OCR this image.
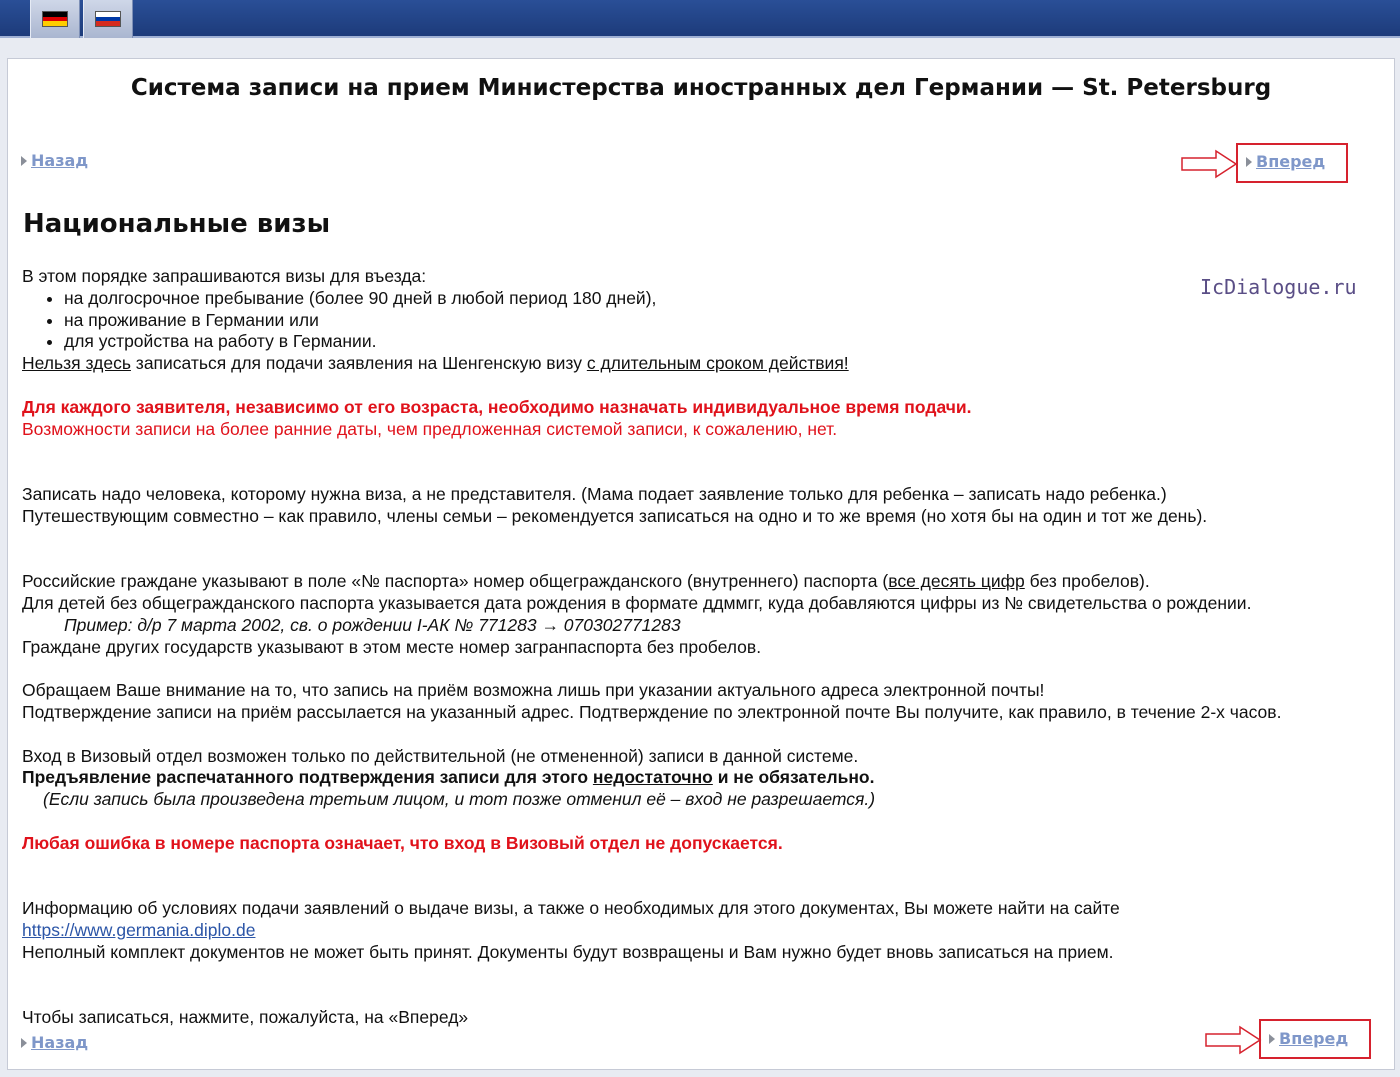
Система записи на прием Министерства иностранных дел Германии — St. Petersburg
Назад	Вперед
Национальные визы
IcDialogue.ru

В этом порядке запрашиваются визы для въезда:

• на долгосрочное пребывание (более 90 дней в любой период 180 дней),
• на проживание в Германии или
• для устройства на работу в Германии.

Нельзя здесь записаться для подачи заявления на Шенгенскую визу с длительным сроком действия!

Для каждого заявителя, независимо от его возраста, необходимо назначать индивидуальное время подачи.

Возможности записи на более ранние даты, чем предложенная системой записи, к сожалению, нет.

Записать надо человека, которому нужна виза, а не представителя. (Мама подает заявление только для ребенка – записать надо ребенка.)

Путешествующим совместно – как правило, члены семьи – рекомендуется записаться на одно и то же время (но хотя бы на один и тот же день).

Российские граждане указывают в поле «№ паспорта» номер общегражданского (внутреннего) паспорта (все десять цифр без пробелов).

Для детей без общегражданского паспорта указывается дата рождения в формате ддммгг, куда добавляются цифры из № свидетельства о рождении.

Пример: д/р 7 марта 2002, св. о рождении I-АК № 771283 → 070302771283

Граждане других государств указывают в этом месте номер загранпаспорта без пробелов.

Обращаем Ваше внимание на то, что запись на приём возможна лишь при указании актуального адреса электронной почты!

Подтверждение записи на приём рассылается на указанный адрес. Подтверждение по электронной почте Вы получите, как правило, в течение 2-х часов.

Вход в Визовый отдел возможен только по действительной (не отмененной) записи в данной системе.

Предъявление распечатанного подтверждения записи для этого недостаточно и не обязательно.

(Если запись была произведена третьим лицом, и тот позже отменил её – вход не разрешается.)

Любая ошибка в номере паспорта означает, что вход в Визовый отдел не допускается.

Информацию об условиях подачи заявлений о выдаче визы, а также о необходимых для этого документах, Вы можете найти на сайте

https://www.germania.diplo.de

Неполный комплект документов не может быть принят. Документы будут возвращены и Вам нужно будет вновь записаться на прием.

Чтобы записаться, нажмите, пожалуйста, на «Вперед»

Назад	Вперед
